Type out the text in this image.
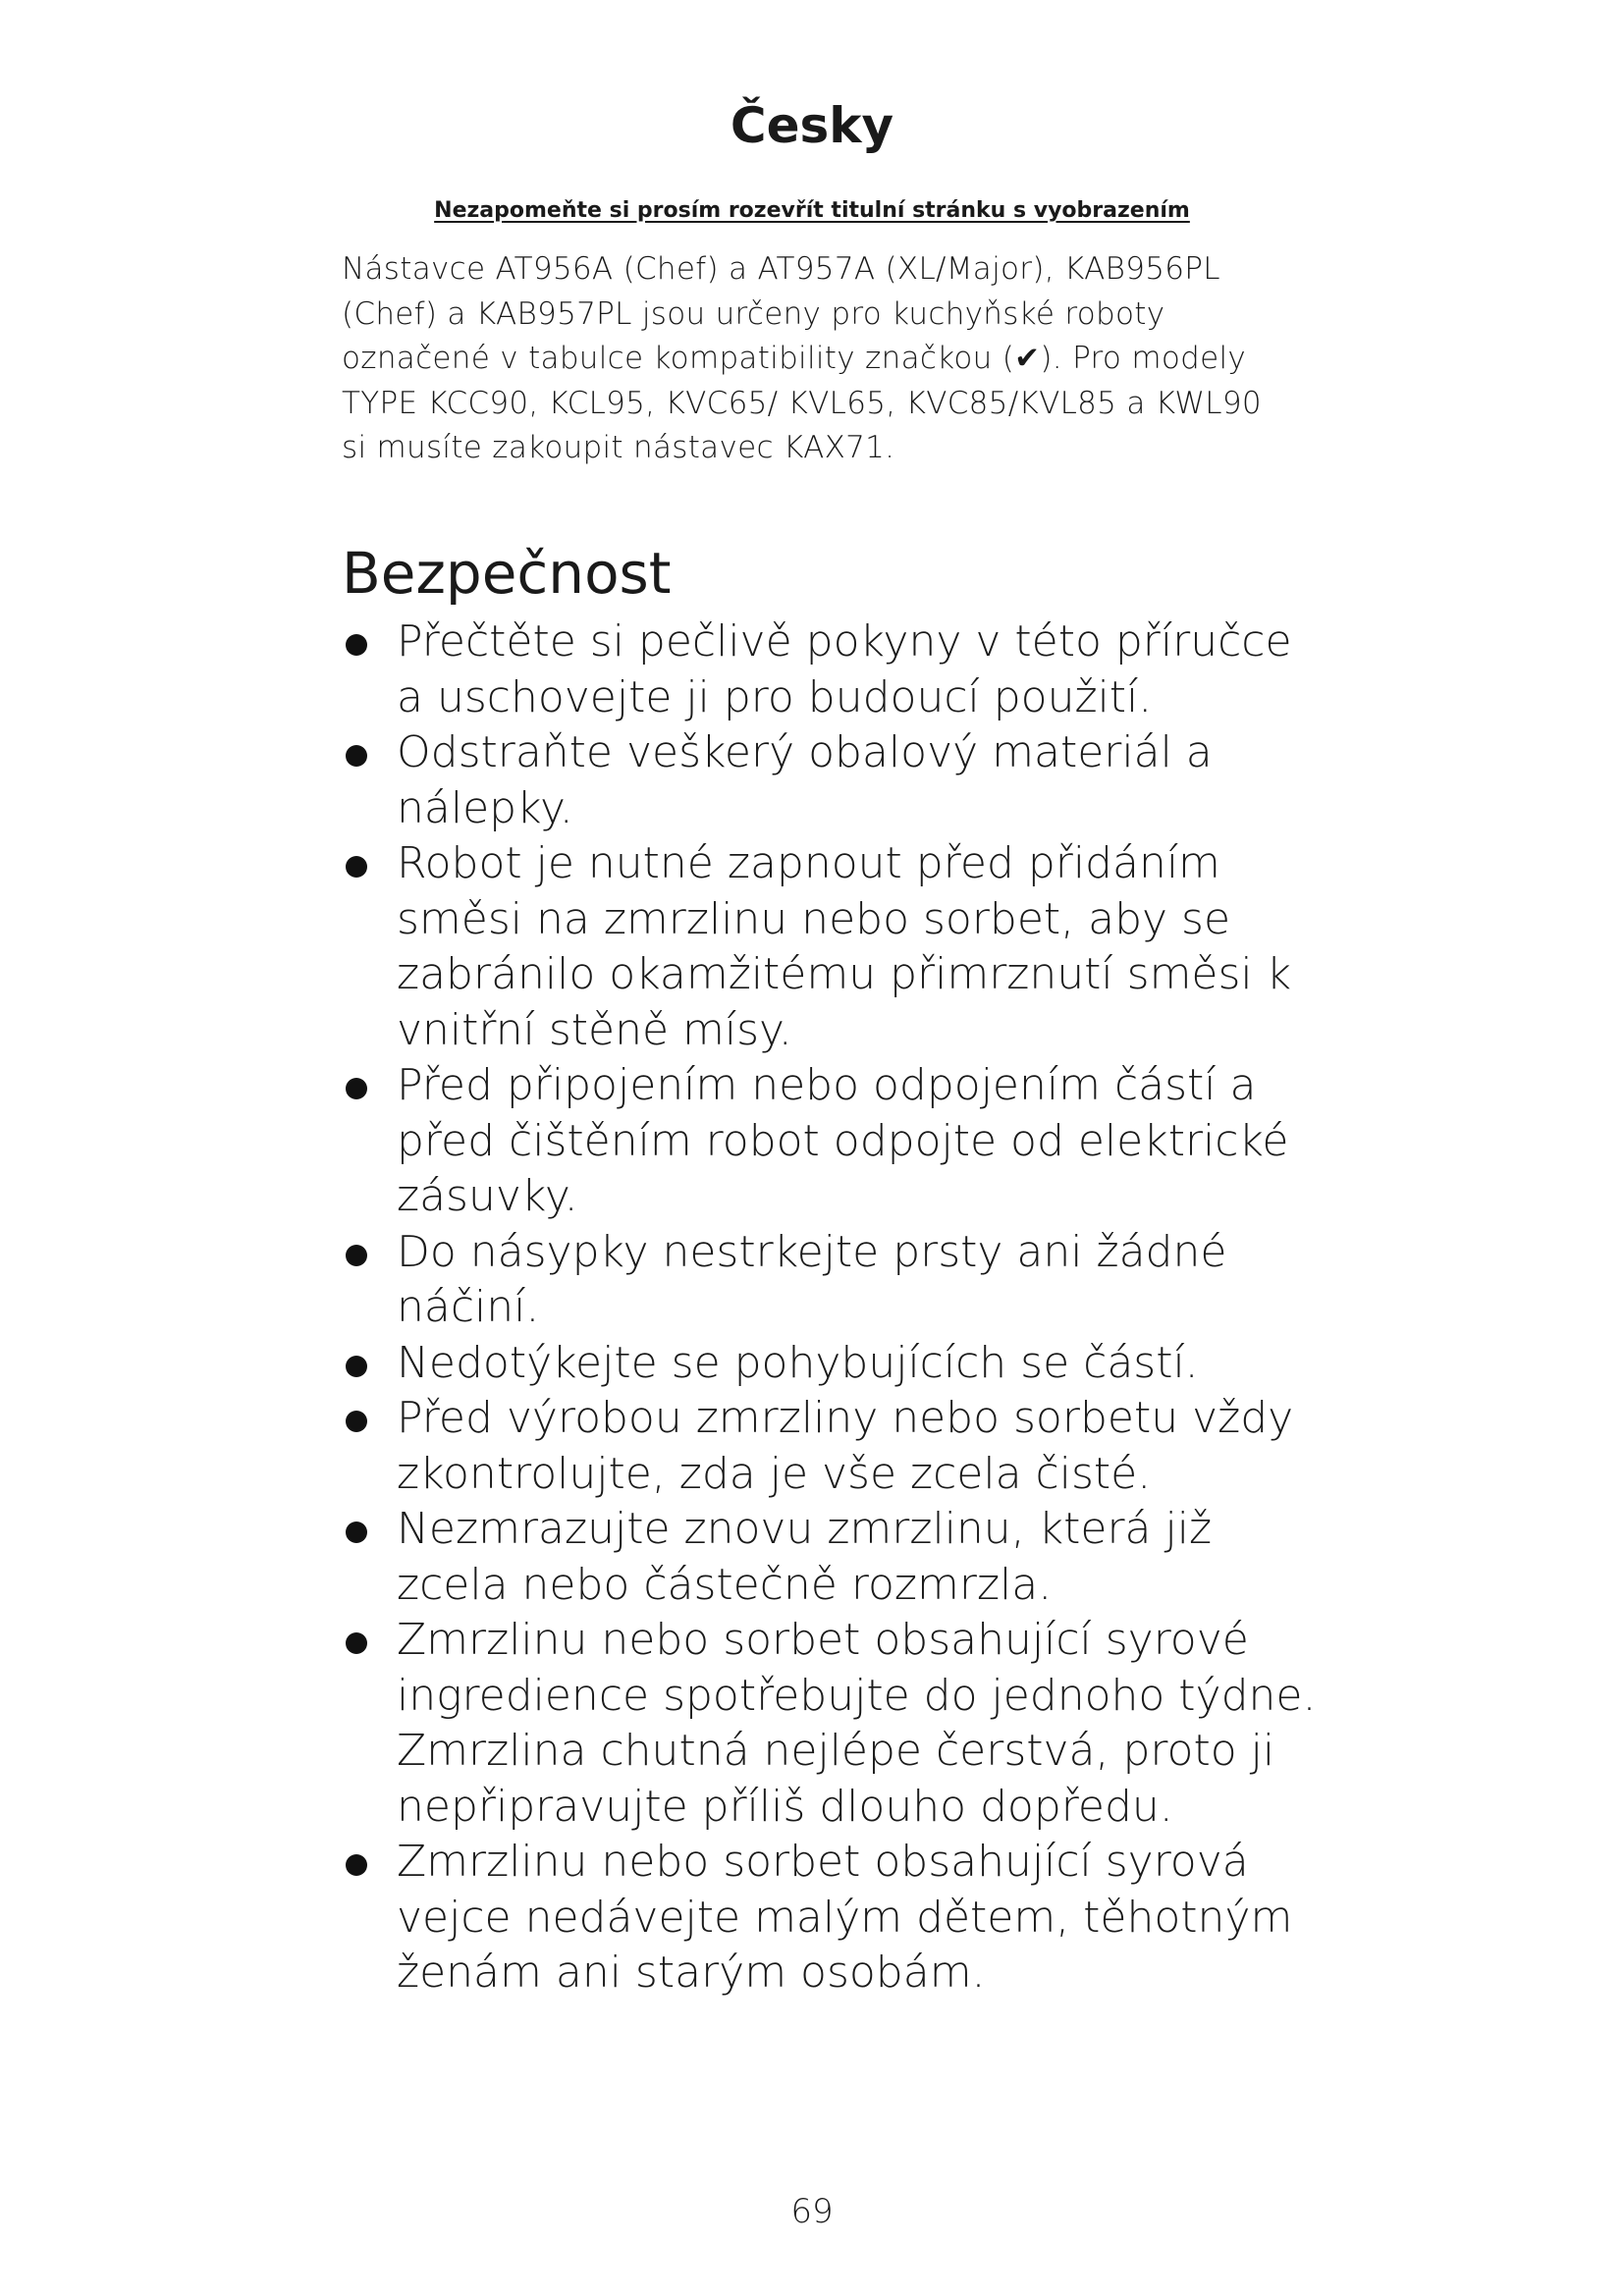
Česky

Nezapomeňte si prosím rozevřít titulní stránku s vyobrazením

Nástavce AT956A (Chef) a AT957A (XL/Major), KAB956PL (Chef) a KAB957PL jsou určeny pro kuchyňské roboty označené v tabulce kompatibility značkou (✔). Pro modely TYPE KCC90, KCL95, KVC65/ KVL65, KVC85/KVL85 a KWL90 si musíte zakoupit nástavec KAX71.

Bezpečnost
Přečtěte si pečlivě pokyny v této příručce a uschovejte ji pro budoucí použití.
Odstraňte veškerý obalový materiál a nálepky.
Robot je nutné zapnout před přidáním směsi na zmrzlinu nebo sorbet, aby se zabránilo okamžitému přimrznutí směsi k vnitřní stěně mísy.
Před připojením nebo odpojením částí a před čištěním robot odpojte od elektrické zásuvky.
Do násypky nestrkejte prsty ani žádné náčiní.
Nedotýkejte se pohybujících se částí.
Před výrobou zmrzliny nebo sorbetu vždy zkontrolujte, zda je vše zcela čisté.
Nezmrazujte znovu zmrzlinu, která již zcela nebo částečně rozmrzla.
Zmrzlinu nebo sorbet obsahující syrové ingredience spotřebujte do jednoho týdne. Zmrzlina chutná nejlépe čerstvá, proto ji nepřipravujte příliš dlouho dopředu.
Zmrzlinu nebo sorbet obsahující syrová vejce nedávejte malým dětem, těhotným ženám ani starým osobám.

69
